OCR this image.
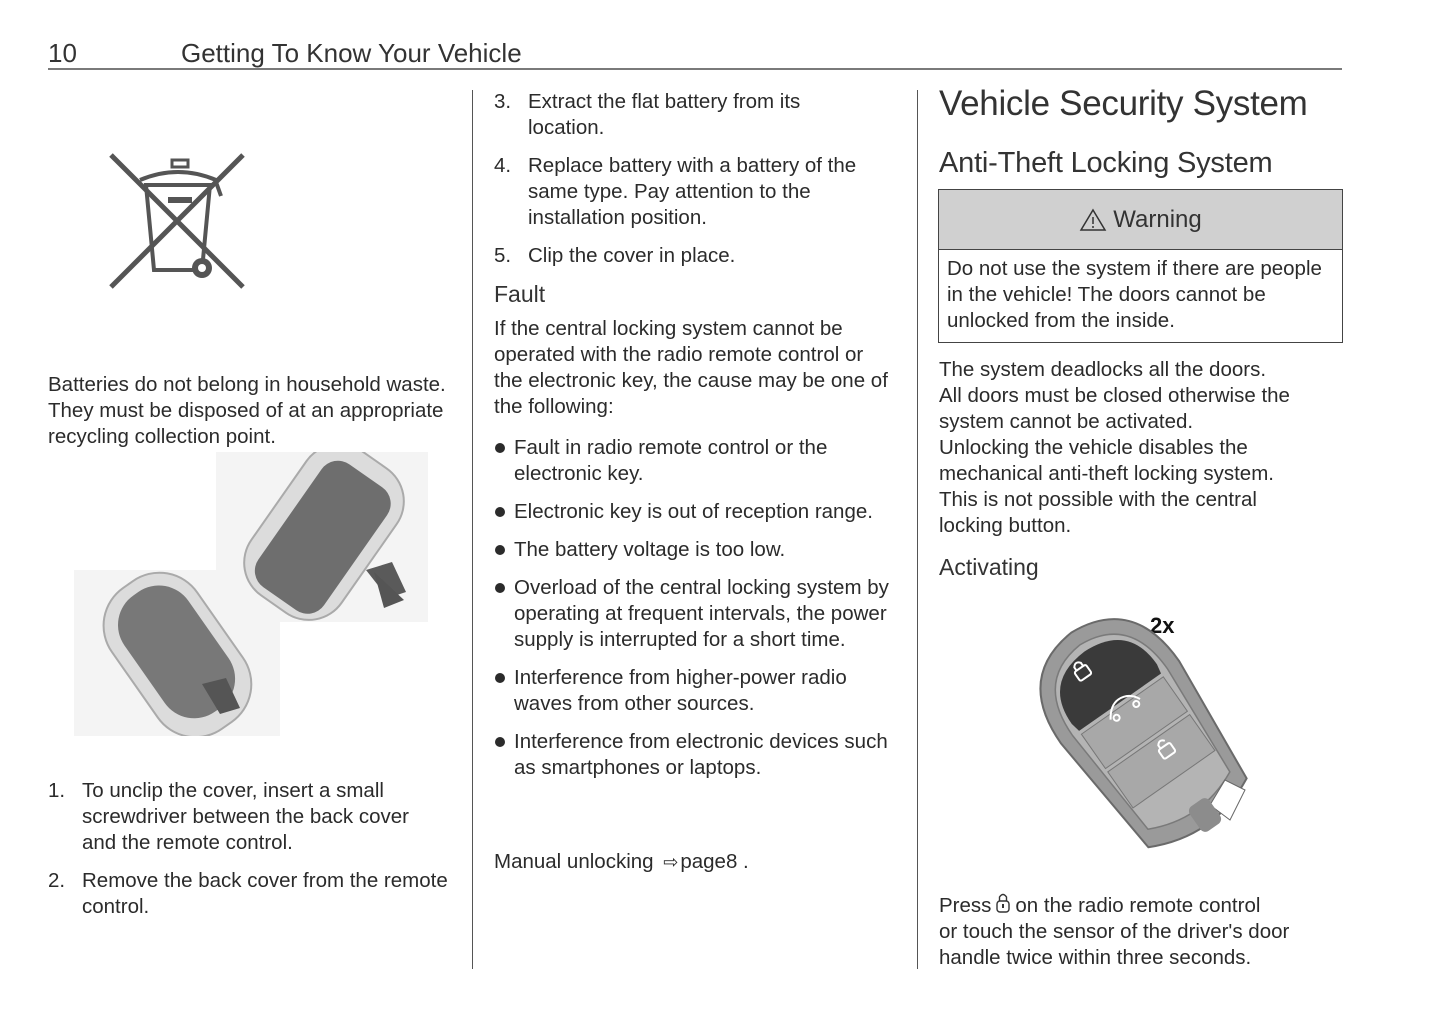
10	Getting To Know Your Vehicle
Batteries do not belong in household waste. They must be disposed of at an appropriate recycling collection point.
1. To unclip the cover, insert a small screwdriver between the back cover and the remote control.
2. Remove the back cover from the remote control.
3. Extract the flat battery from its location.
4. Replace battery with a battery of the same type. Pay attention to the installation position.
5. Clip the cover in place.
Fault
If the central locking system cannot be operated with the radio remote control or the electronic key, the cause may be one of the following:
Fault in radio remote control or the electronic key.
Electronic key is out of reception range.
The battery voltage is too low.
Overload of the central locking system by operating at frequent intervals, the power supply is interrupted for a short time.
Interference from higher-power radio waves from other sources.
Interference from electronic devices such as smartphones or laptops.
Manual unlocking ⇨page8 .
Vehicle Security System
Anti-Theft Locking System
Warning
Do not use the system if there are people in the vehicle! The doors cannot be unlocked from the inside.
The system deadlocks all the doors.
All doors must be closed otherwise the
system cannot be activated.
Unlocking the vehicle disables the
mechanical anti-theft locking system.
This is not possible with the central
locking button.
Activating
2x
Press on the radio remote control
or touch the sensor of the driver's door
handle twice within three seconds.
